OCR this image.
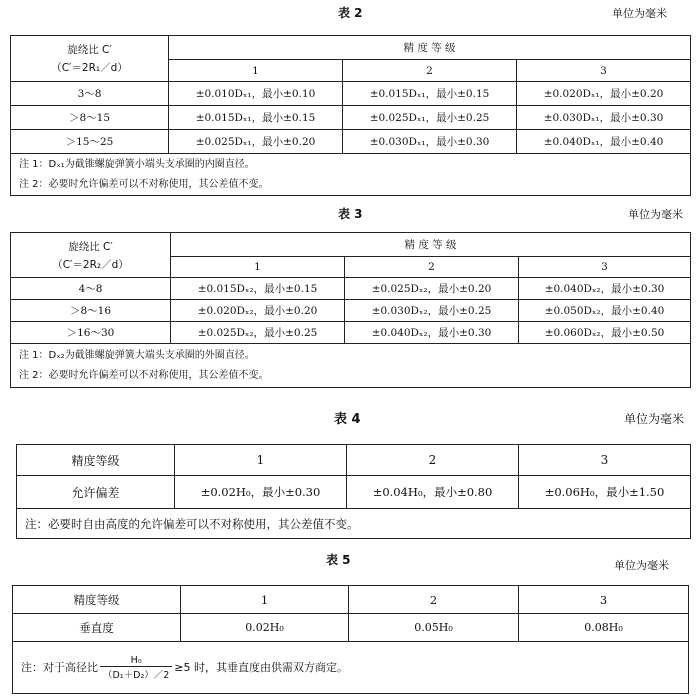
表 2	单位为毫米
旋绕比 C′
（C′＝2R₁／d）	精 度 等 级		
	1	2	3
3～8	±0.010Dₓ₁，最小±0.10	±0.015Dₓ₁，最小±0.15	±0.020Dₓ₁，最小±0.20
＞8～15	±0.015Dₓ₁，最小±0.15	±0.025Dₓ₁，最小±0.25	±0.030Dₓ₁，最小±0.30
＞15～25	±0.025Dₓ₁，最小±0.20	±0.030Dₓ₁，最小±0.30	±0.040Dₓ₁，最小±0.40

注 1：Dₓ₁为截锥螺旋弹簧小端头支承圈的内圈直径。
注 2：必要时允许偏差可以不对称使用，其公差值不变。			
表 3	单位为毫米
旋绕比 C′
（C′＝2R₂／d）	精 度 等 级		
	1	2	3
4～8	±0.015Dₓ₂，最小±0.15	±0.025Dₓ₂，最小±0.20	±0.040Dₓ₂，最小±0.30
＞8～16	±0.020Dₓ₂，最小±0.20	±0.030Dₓ₂，最小±0.25	±0.050Dₓ₂，最小±0.40
＞16～30	±0.025Dₓ₂，最小±0.25	±0.040Dₓ₂，最小±0.30	±0.060Dₓ₂，最小±0.50

注 1：Dₓ₂为截锥螺旋弹簧大端头支承圈的外圈直径。
注 2：必要时允许偏差可以不对称使用，其公差值不变。			
表 4	单位为毫米
精度等级	1	2	3
允许偏差	±0.02H₀，最小±0.30	±0.04H₀，最小±0.80	±0.06H₀，最小±1.50
注：必要时自由高度的允许偏差可以不对称使用，其公差值不变。			
表 5	单位为毫米
精度等级	1	2	3
垂直度	0.02H₀	0.05H₀	0.08H₀
注：对于高径比 $\frac{\text{H₀}}{\text{（D₁＋D₂）／2}} \ge 5$ 时，其垂直度由供需双方商定。			
